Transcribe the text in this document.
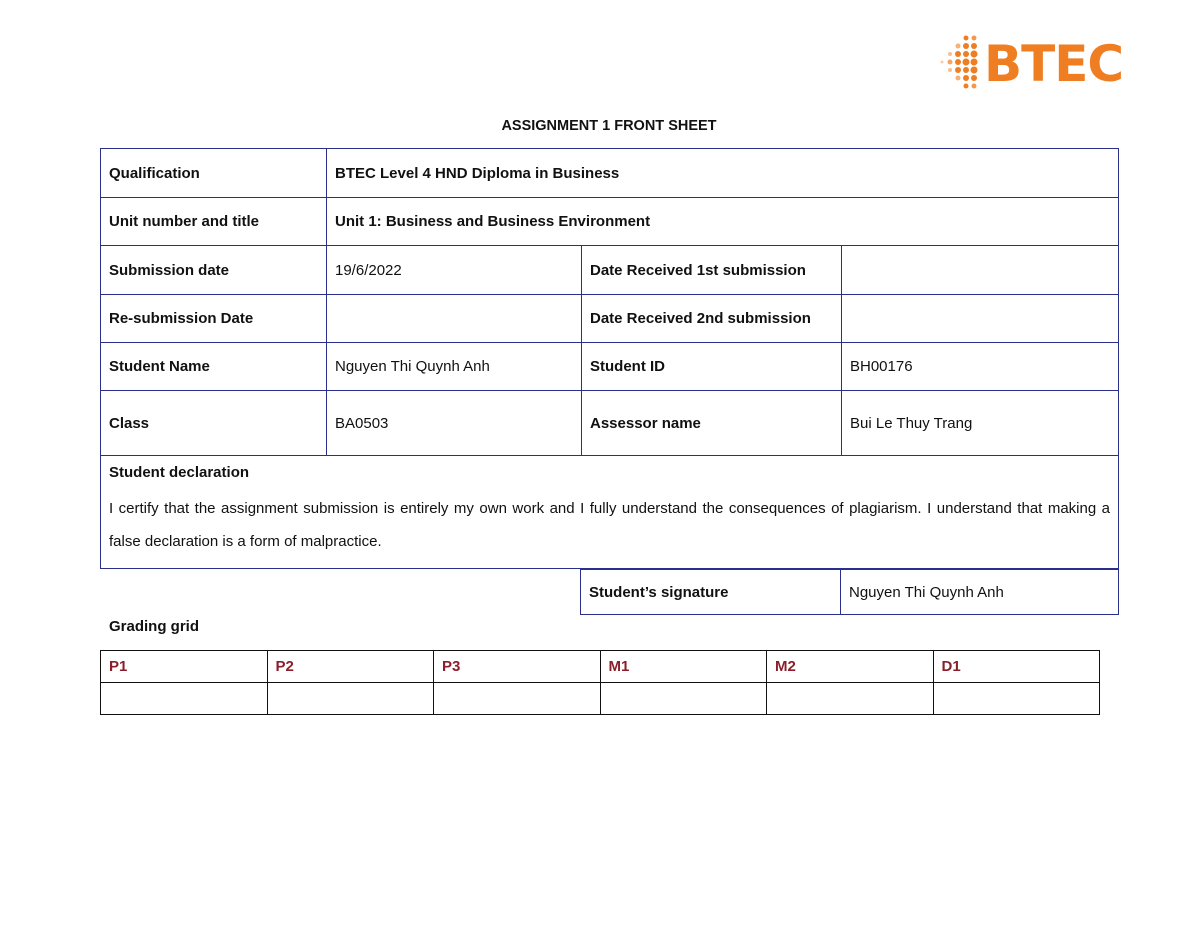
BTEC
ASSIGNMENT 1 FRONT SHEET
Qualification	BTEC Level 4 HND Diploma in Business		
Unit number and title	Unit 1: Business and Business Environment		
Submission date	19/6/2022	Date Received 1st submission	
Re-submission Date		Date Received 2nd submission	
Student Name	Nguyen Thi Quynh Anh	Student ID	BH00176
Class	BA0503	Assessor name	Bui Le Thuy Trang

Student declaration
I certify that the assignment submission is entirely my own work and I fully understand the consequences of plagiarism. I understand that making a false declaration is a form of malpractice.			
Student’s signature	Nguyen Thi Quynh Anh
Grading grid
P1	P2	P3	M1	M2	D1
